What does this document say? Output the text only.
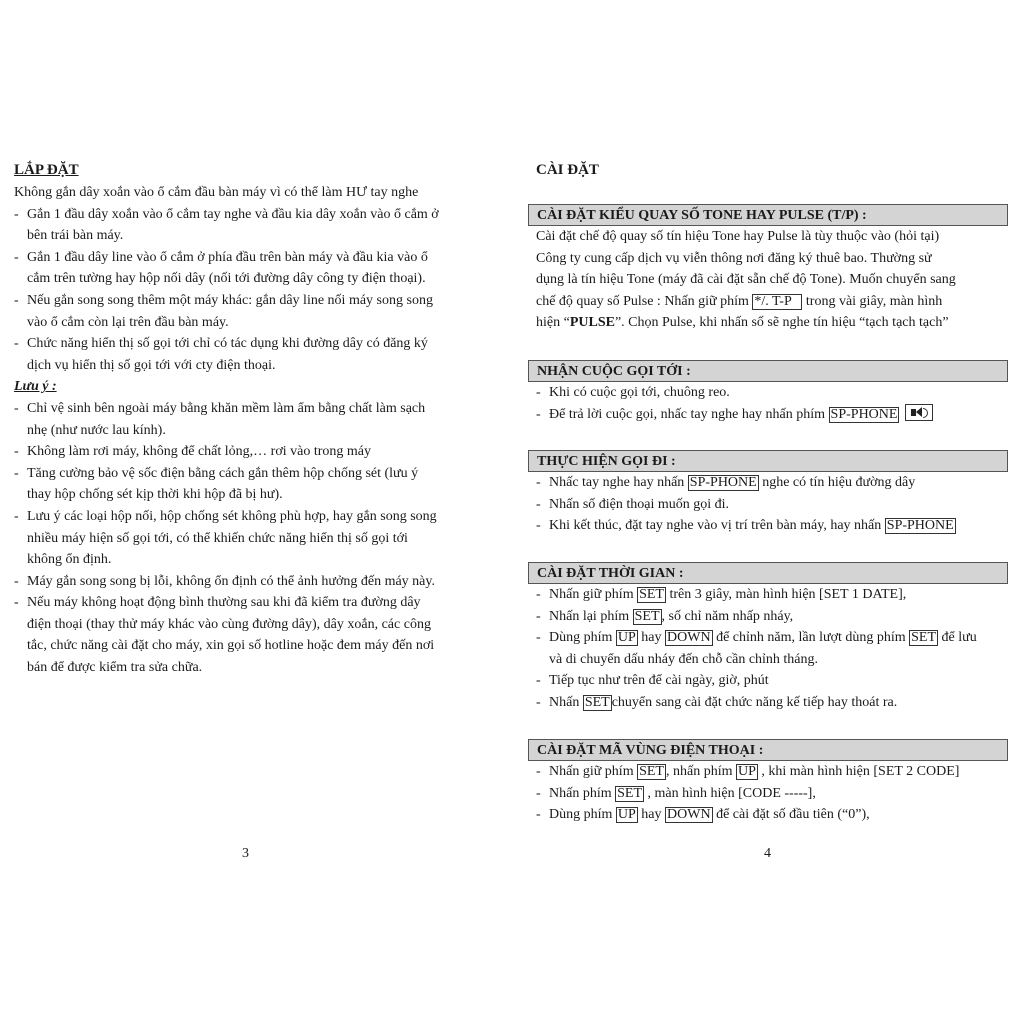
LẮP ĐẶT
Không gắn dây xoắn vào ổ cắm đầu bàn máy vì có thể làm HƯ tay nghe
- Gắn 1 đầu dây xoắn vào ổ cắm tay nghe và đầu kia dây xoắn vào ổ cắm ở
bên trái bàn máy.
- Gắn 1 đầu dây line vào ổ cắm ở phía đầu trên bàn máy và đầu kia vào ổ
cắm trên tường hay hộp nối dây (nối tới đường dây công ty điện thoại).
- Nếu gắn song song thêm một máy khác: gắn dây line nối máy song song
vào ổ cắm còn lại trên đầu bàn máy.
- Chức năng hiển thị số gọi tới chỉ có tác dụng khi đường dây có đăng ký
dịch vụ hiển thị số gọi tới với cty điện thoại.
Lưu ý :
- Chỉ vệ sinh bên ngoài máy bằng khăn mềm làm ẩm bằng chất làm sạch
nhẹ (như nước lau kính).
- Không làm rơi máy, không để chất lỏng,… rơi vào trong máy
- Tăng cường bảo vệ sốc điện bằng cách gắn thêm hộp chống sét (lưu ý
thay hộp chống sét kịp thời khi hộp đã bị hư).
- Lưu ý các loại hộp nối, hộp chống sét không phù hợp, hay gắn song song
nhiều máy hiện số gọi tới, có thể khiến chức năng hiển thị số gọi tới
không ổn định.
- Máy gắn song song bị lỗi, không ổn định có thể ảnh hưởng đến máy này.
- Nếu máy không hoạt động bình thường sau khi đã kiểm tra đường dây
điện thoại (thay thử máy khác vào cùng đường dây), dây xoắn, các công
tắc, chức năng cài đặt cho máy, xin gọi số hotline hoặc đem máy đến nơi
bán để được kiểm tra sửa chữa.
3
CÀI ĐẶT
CÀI ĐẶT KIỂU QUAY SỐ TONE HAY PULSE (T/P) :
Cài đặt chế độ quay số tín hiệu Tone hay Pulse là tùy thuộc vào (hỏi tại)
Công ty cung cấp dịch vụ viễn thông nơi đăng ký thuê bao. Thường sử
dụng là tín hiệu Tone (máy đã cài đặt sẵn chế độ Tone). Muốn chuyển sang
chế độ quay số Pulse : Nhấn giữ phím */. T-P trong vài giây, màn hình
hiện “PULSE”. Chọn Pulse, khi nhấn số sẽ nghe tín hiệu “tạch tạch tạch”
NHẬN CUỘC GỌI TỚI :
- Khi có cuộc gọi tới, chuông reo.
- Để trả lời cuộc gọi, nhấc tay nghe hay nhấn phím SP-PHONE
THỰC HIỆN GỌI ĐI :
- Nhấc tay nghe hay nhấn SP-PHONE nghe có tín hiệu đường dây
- Nhấn số điện thoại muốn gọi đi.
- Khi kết thúc, đặt tay nghe vào vị trí trên bàn máy, hay nhấn SP-PHONE
CÀI ĐẶT THỜI GIAN :
- Nhấn giữ phím SET trên 3 giây, màn hình hiện [SET 1 DATE],
- Nhấn lại phím SET , số chỉ năm nhấp nháy,
- Dùng phím UP hay DOWN để chỉnh năm, lần lượt dùng phím SET để lưu
và di chuyển dấu nháy đến chỗ cần chỉnh tháng.
- Tiếp tục như trên để cài ngày, giờ, phút
- Nhấn SET chuyển sang cài đặt chức năng kế tiếp hay thoát ra.
CÀI ĐẶT MÃ VÙNG ĐIỆN THOẠI :
- Nhấn giữ phím SET , nhấn phím UP , khi màn hình hiện [SET 2 CODE]
- Nhấn phím SET , màn hình hiện [CODE -----],
- Dùng phím UP hay DOWN để cài đặt số đầu tiên (“0”),
4
